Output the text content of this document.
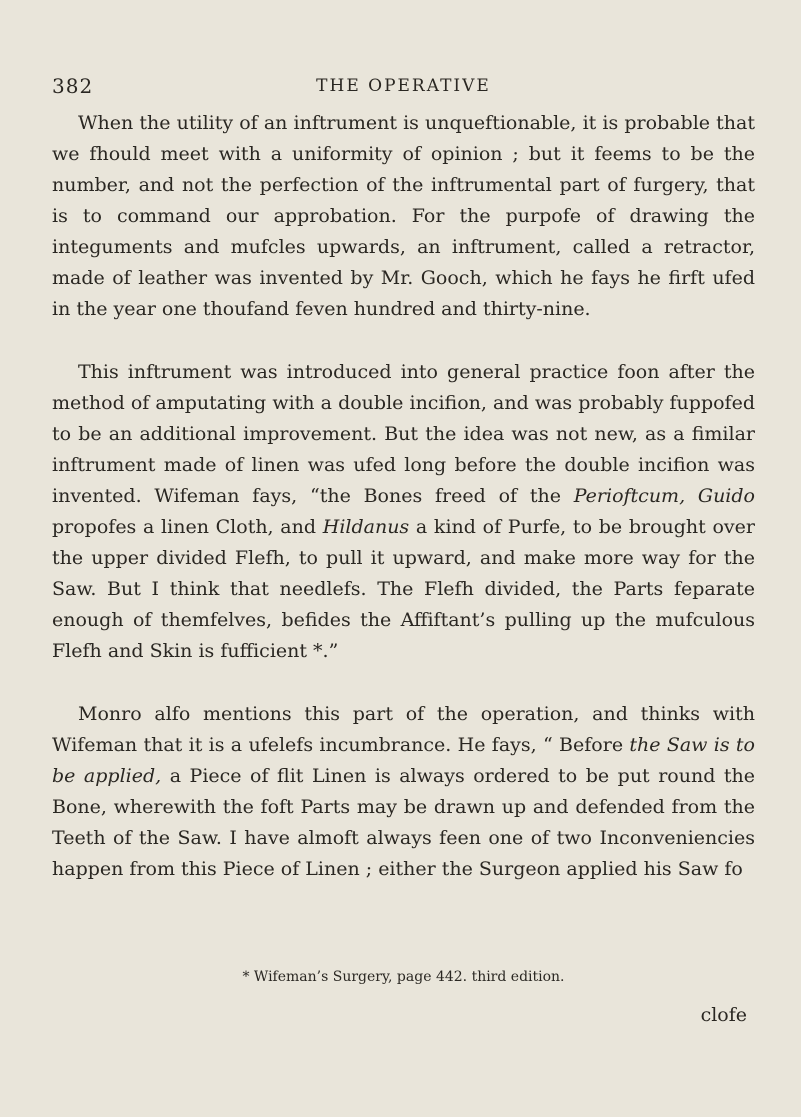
382	THE OPERATIVE

When the utility of an inftrument is unqueftionable, it is probable that we fhould meet with a uniformity of opinion ; but it feems to be the number, and not the perfection of the inftrumental part of furgery, that is to command our approbation. For the purpofe of drawing the integuments and mufcles upwards, an inftrument, called a retractor, made of leather was invented by Mr. Gooch, which he fays he firft ufed in the year one thoufand feven hundred and thirty-nine.

This inftrument was introduced into general practice foon after the method of amputating with a double incifion, and was probably fuppofed to be an additional improvement. But the idea was not new, as a fimilar inftrument made of linen was ufed long before the double incifion was invented. Wifeman fays, “the Bones freed of the Perioftcum, Guido propofes a linen Cloth, and Hildanus a kind of Purfe, to be brought over the upper divided Flefh, to pull it upward, and make more way for the Saw. But I think that needlefs. The Flefh divided, the Parts feparate enough of themfelves, befides the Affiftant’s pulling up the mufculous Flefh and Skin is fufficient *.”

Monro alfo mentions this part of the operation, and thinks with Wifeman that it is a ufelefs incumbrance. He fays, “ Before the Saw is to be applied, a Piece of flit Linen is always ordered to be put round the Bone, wherewith the foft Parts may be drawn up and defended from the Teeth of the Saw. I have almoft always feen one of two Inconveniencies happen from this Piece of Linen ; either the Surgeon applied his Saw fo

* Wifeman’s Surgery, page 442. third edition.
clofe
